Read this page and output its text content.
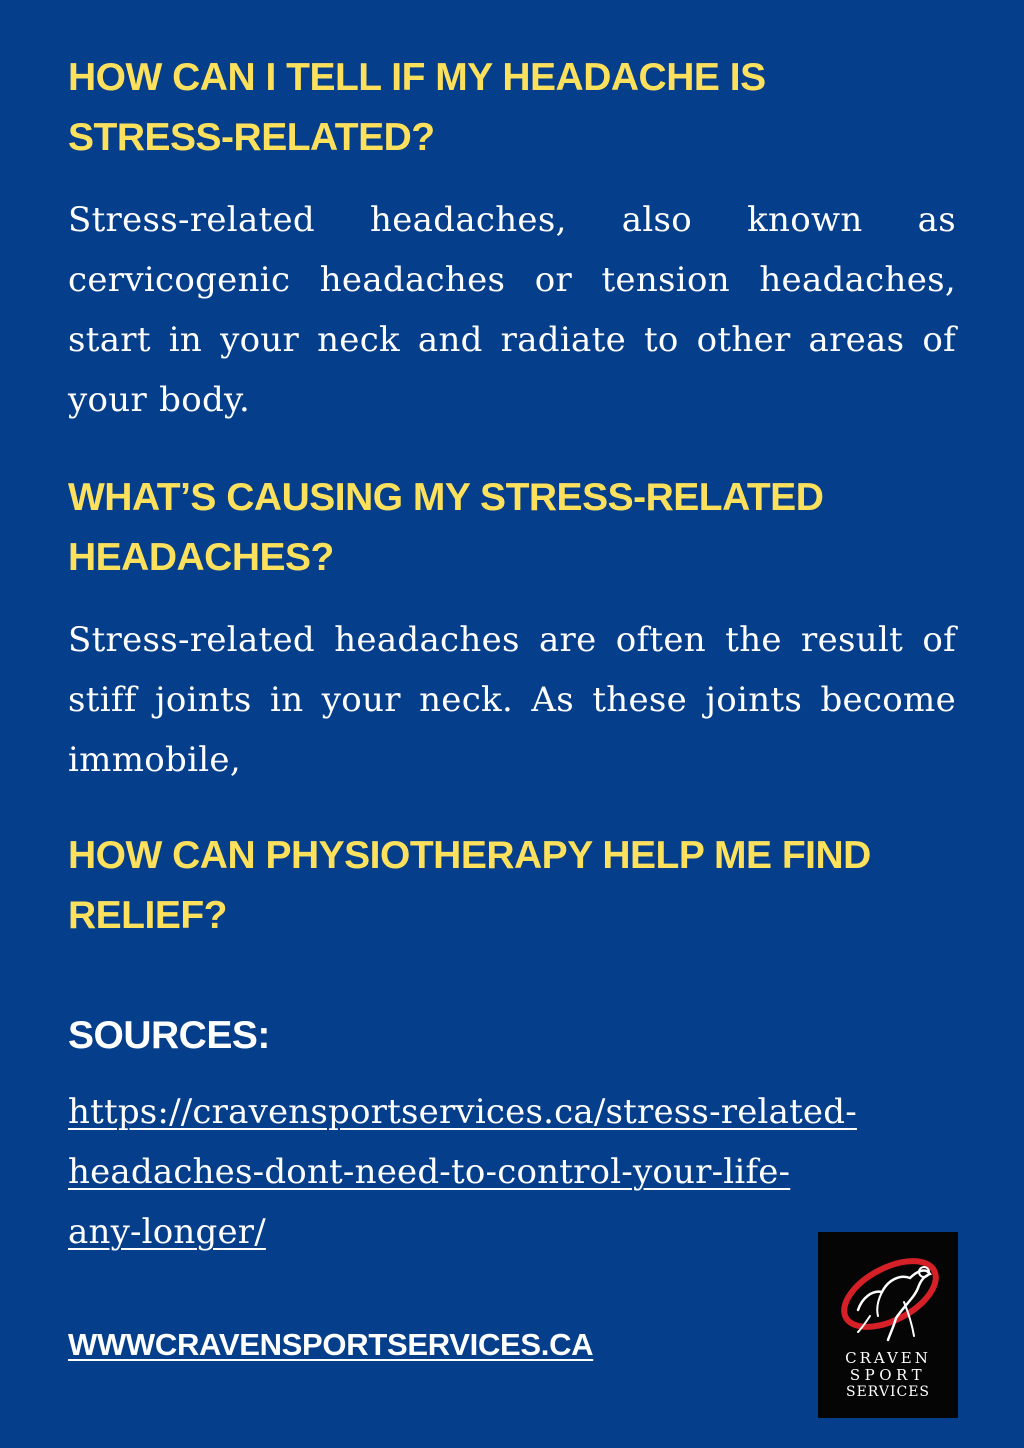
HOW CAN I TELL IF MY HEADACHE IS
STRESS-RELATED?

Stress-related headaches, also known as cervicogenic headaches or tension headaches, start in your neck and radiate to other areas of your body.

WHAT’S CAUSING MY STRESS-RELATED
HEADACHES?

Stress-related headaches are often the result of stiff joints in your neck. As these joints become immobile,

HOW CAN PHYSIOTHERAPY HELP ME FIND
RELIEF?
SOURCES:
https://cravensportservices.ca/stress-related-
headaches-dont-need-to-control-your-life-
any-longer/
WWWCRAVENSPORTSERVICES.CA	CRAVEN
SPORT
SERVICES
